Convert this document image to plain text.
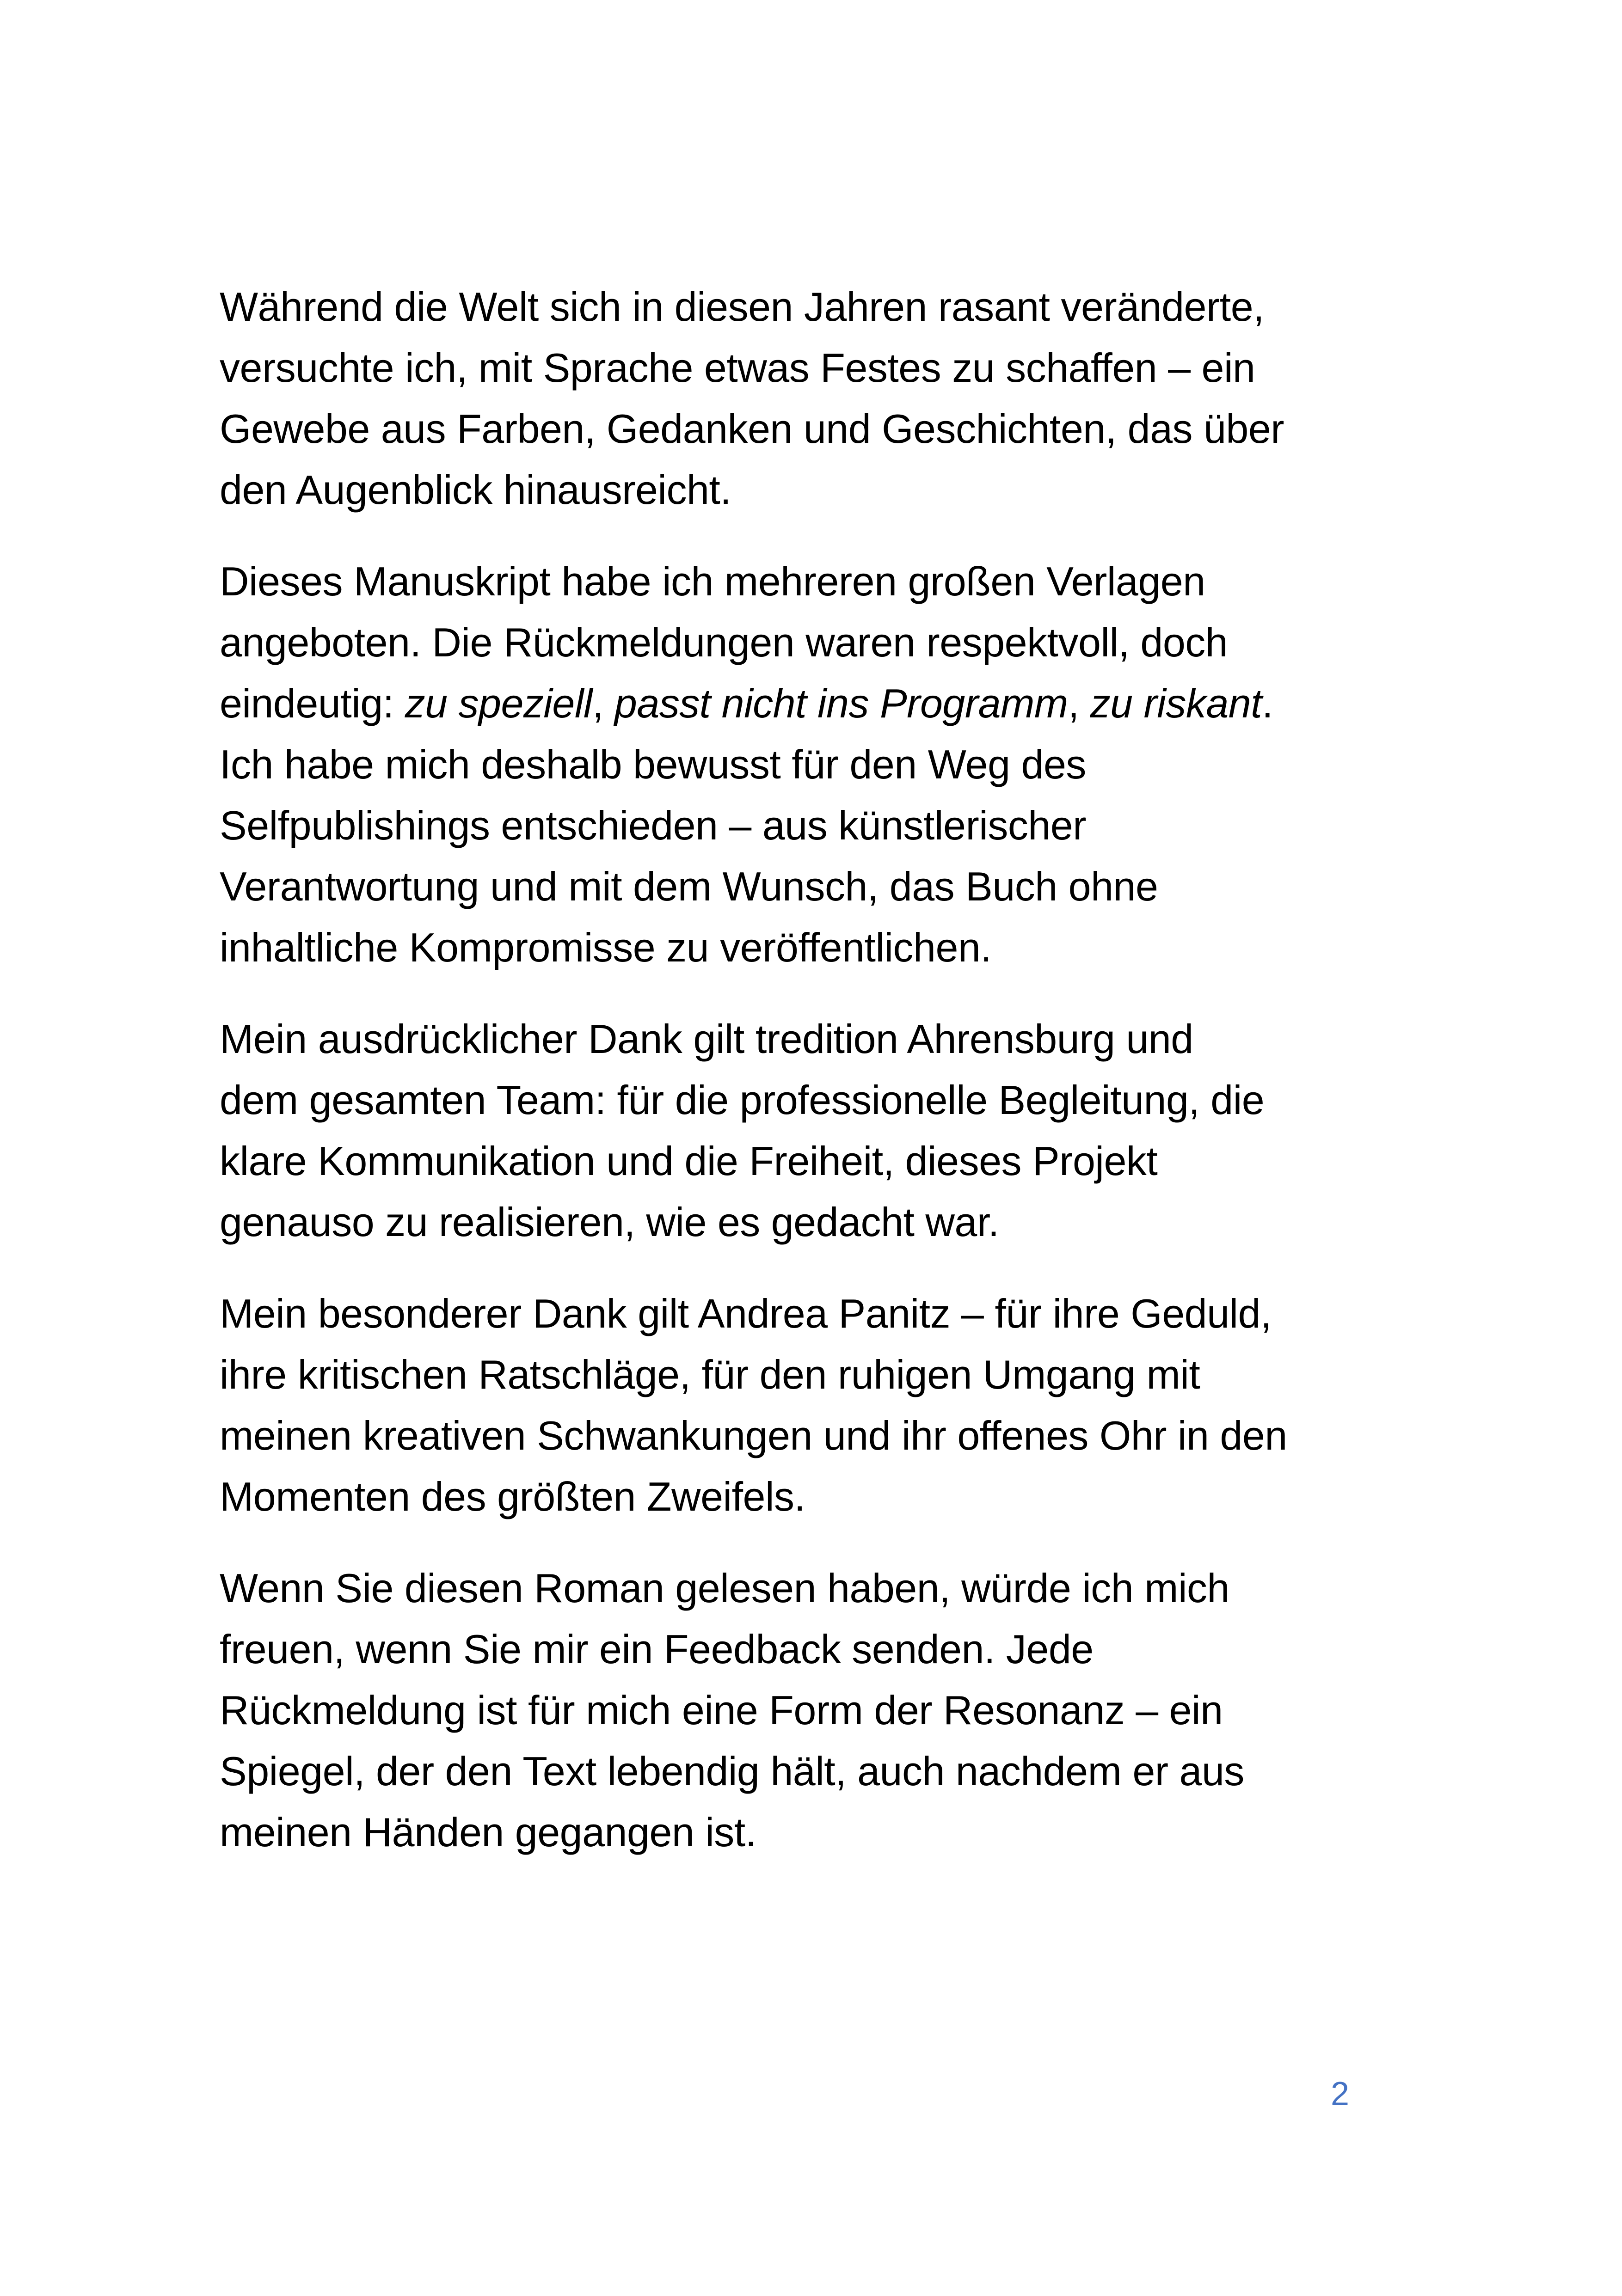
Während die Welt sich in diesen Jahren rasant veränderte,
versuchte ich, mit Sprache etwas Festes zu schaffen – ein
Gewebe aus Farben, Gedanken und Geschichten, das über
den Augenblick hinausreicht.

Dieses Manuskript habe ich mehreren großen Verlagen
angeboten. Die Rückmeldungen waren respektvoll, doch
eindeutig: zu speziell, passt nicht ins Programm, zu riskant.
Ich habe mich deshalb bewusst für den Weg des
Selfpublishings entschieden – aus künstlerischer
Verantwortung und mit dem Wunsch, das Buch ohne
inhaltliche Kompromisse zu veröffentlichen.

Mein ausdrücklicher Dank gilt tredition Ahrensburg und
dem gesamten Team: für die professionelle Begleitung, die
klare Kommunikation und die Freiheit, dieses Projekt
genauso zu realisieren, wie es gedacht war.

Mein besonderer Dank gilt Andrea Panitz – für ihre Geduld,
ihre kritischen Ratschläge, für den ruhigen Umgang mit
meinen kreativen Schwankungen und ihr offenes Ohr in den
Momenten des größten Zweifels.

Wenn Sie diesen Roman gelesen haben, würde ich mich
freuen, wenn Sie mir ein Feedback senden. Jede
Rückmeldung ist für mich eine Form der Resonanz – ein
Spiegel, der den Text lebendig hält, auch nachdem er aus
meinen Händen gegangen ist.

2
